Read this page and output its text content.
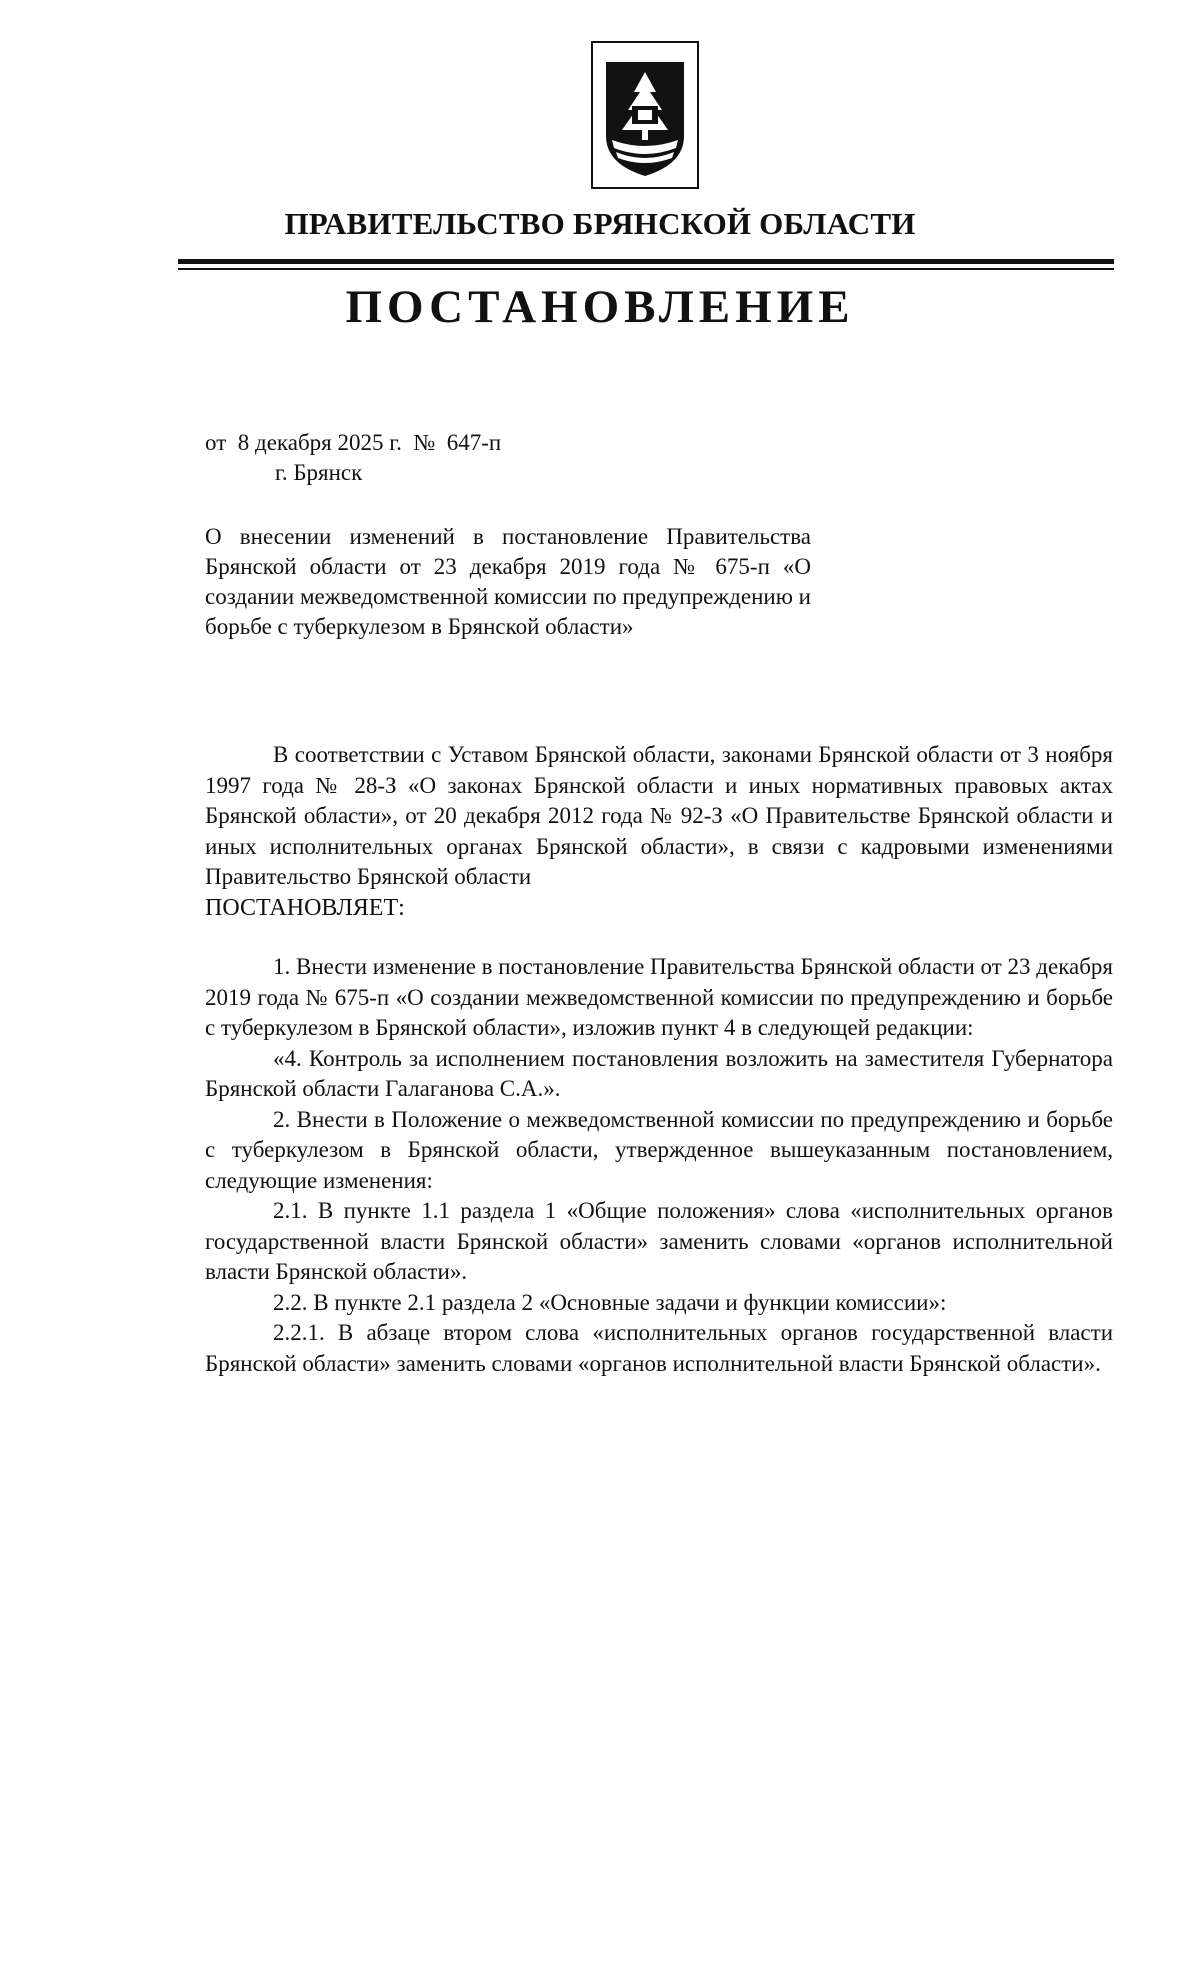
ПРАВИТЕЛЬСТВО БРЯНСКОЙ ОБЛАСТИ
ПОСТАНОВЛЕНИЕ
от  8 декабря 2025 г.  №  647-п
г. Брянск
О внесении изменений в постановление Правительства Брянской области от 23 декабря 2019 года № 675-п «О создании межведомственной комиссии по предупреждению и борьбе с туберкулезом в Брянской области»

В соответствии с Уставом Брянской области, законами Брянской области от 3 ноября 1997 года № 28-З «О законах Брянской области и иных нормативных правовых актах Брянской области», от 20 декабря 2012 года № 92-З «О Правительстве Брянской области и иных исполнительных органах Брянской области», в связи с кадровыми изменениями Правительство Брянской области

ПОСТАНОВЛЯЕТ:

1. Внести изменение в постановление Правительства Брянской области от 23 декабря 2019 года № 675-п «О создании межведомственной комиссии по предупреждению и борьбе с туберкулезом в Брянской области», изложив пункт 4 в следующей редакции:

«4. Контроль за исполнением постановления возложить на заместителя Губернатора Брянской области Галаганова С.А.».

2. Внести в Положение о межведомственной комиссии по предупреждению и борьбе с туберкулезом в Брянской области, утвержденное вышеуказанным постановлением, следующие изменения:

2.1. В пункте 1.1 раздела 1 «Общие положения» слова «исполнительных органов государственной власти Брянской области» заменить словами «органов исполнительной власти Брянской области».

2.2. В пункте 2.1 раздела 2 «Основные задачи и функции комиссии»:

2.2.1. В абзаце втором слова «исполнительных органов государственной власти Брянской области» заменить словами «органов исполнительной власти Брянской области».
